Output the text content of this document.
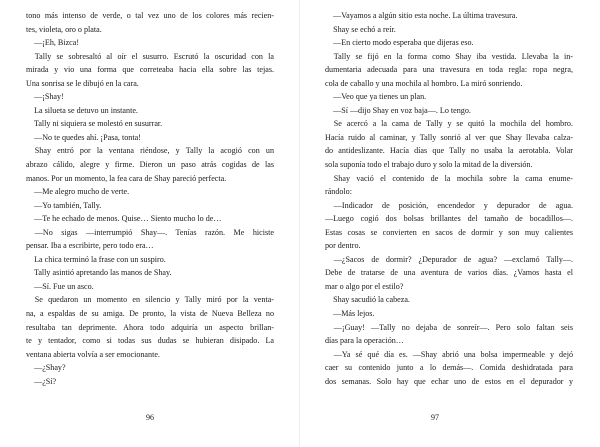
tono más intenso de verde, o tal vez uno de los colores más recien-
tes, violeta, oro o plata.
—¡Eh, Bizca!
Tally se sobresaltó al oír el susurro. Escrutó la oscuridad con la
mirada y vio una forma que correteaba hacia ella sobre las tejas.
Una sonrisa se le dibujó en la cara.
—¡Shay!
La silueta se detuvo un instante.
Tally ni siquiera se molestó en susurrar.
—No te quedes ahí. ¡Pasa, tonta!
Shay entró por la ventana riéndose, y Tally la acogió con un
abrazo cálido, alegre y firme. Dieron un paso atrás cogidas de las
manos. Por un momento, la fea cara de Shay pareció perfecta.
—Me alegro mucho de verte.
—Yo también, Tally.
—Te he echado de menos. Quise… Siento mucho lo de…
—No sigas —interrumpió Shay—. Tenías razón. Me hiciste
pensar. Iba a escribirte, pero todo era…
La chica terminó la frase con un suspiro.
Tally asintió apretando las manos de Shay.
—Sí. Fue un asco.
Se quedaron un momento en silencio y Tally miró por la venta-
na, a espaldas de su amiga. De pronto, la vista de Nueva Belleza no
resultaba tan deprimente. Ahora todo adquiría un aspecto brillan-
te y tentador, como si todas sus dudas se hubieran disipado. La
ventana abierta volvía a ser emocionante.
—¿Shay?
—¿Sí?
96
—Vayamos a algún sitio esta noche. La última travesura.
Shay se echó a reír.
—En cierto modo esperaba que dijeras eso.
Tally se fijó en la forma como Shay iba vestida. Llevaba la in-
dumentaria adecuada para una travesura en toda regla: ropa negra,
cola de caballo y una mochila al hombro. La miró sonriendo.
—Veo que ya tienes un plan.
—Sí —dijo Shay en voz baja—. Lo tengo.
Se acercó a la cama de Tally y se quitó la mochila del hombro.
Hacía ruido al caminar, y Tally sonrió al ver que Shay llevaba calza-
do antideslizante. Hacía días que Tally no usaba la aerotabla. Volar
sola suponía todo el trabajo duro y solo la mitad de la diversión.
Shay vació el contenido de la mochila sobre la cama enume-
rándolo:
—Indicador de posición, encendedor y depurador de agua.
—Luego cogió dos bolsas brillantes del tamaño de bocadillos—.
Estas cosas se convierten en sacos de dormir y son muy calientes
por dentro.
—¿Sacos de dormir? ¿Depurador de agua? —exclamó Tally—.
Debe de tratarse de una aventura de varios días. ¿Vamos hasta el
mar o algo por el estilo?
Shay sacudió la cabeza.
—Más lejos.
—¡Guay! —Tally no dejaba de sonreír—. Pero solo faltan seis
días para la operación…
—Ya sé qué día es. —Shay abrió una bolsa impermeable y dejó
caer su contenido junto a lo demás—. Comida deshidratada para
dos semanas. Solo hay que echar uno de estos en el depurador y
97
